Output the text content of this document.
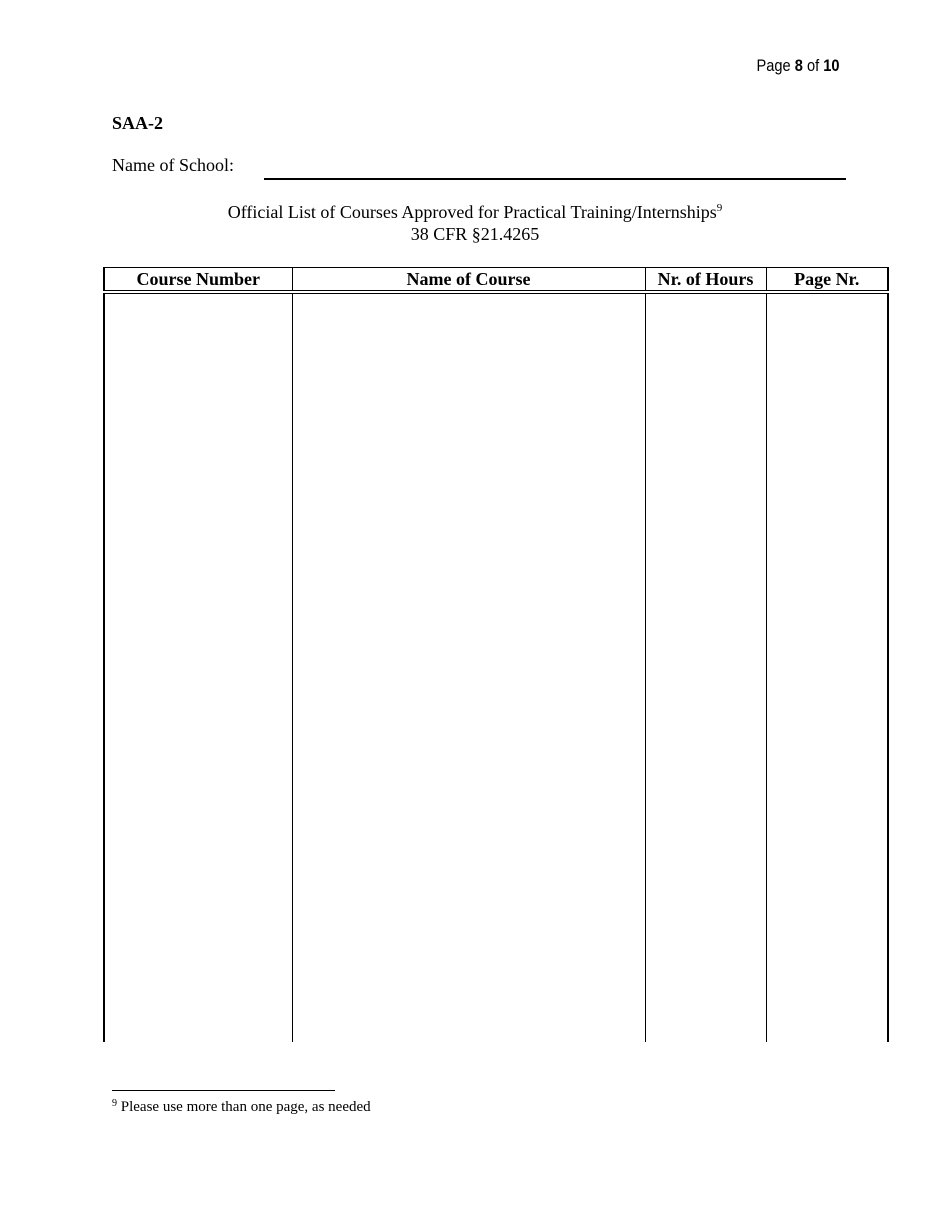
Page 8 of 10
SAA-2
Name of School:
Official List of Courses Approved for Practical Training/Internships$^9$
38 CFR §21.4265
Course Number	Name of Course	Nr. of Hours	Page Nr.

$^9$ Please use more than one page, as needed
